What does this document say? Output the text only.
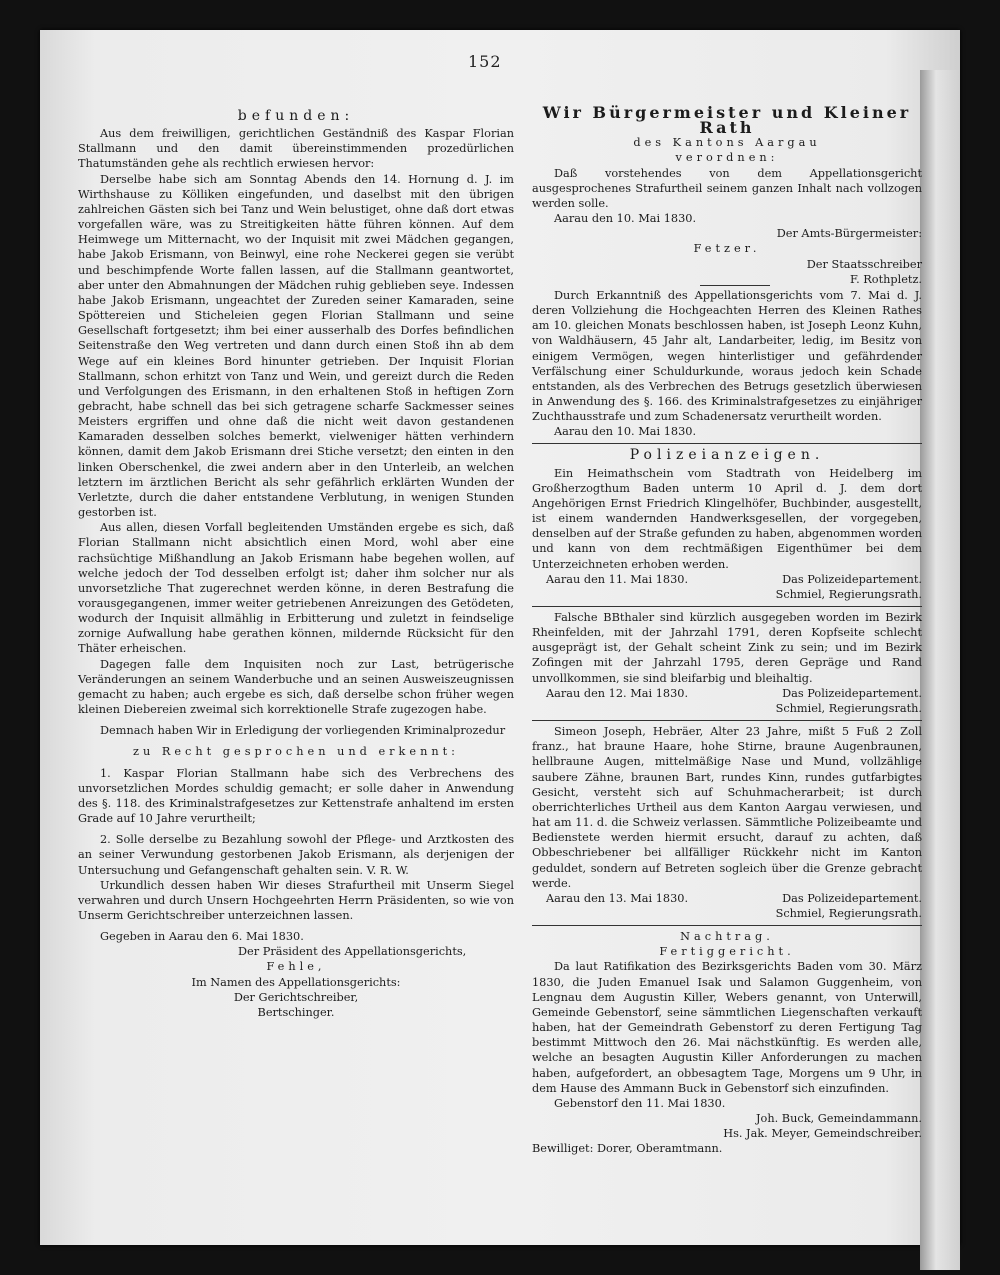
152
befunden:

Aus dem freiwilligen, gerichtlichen Geständniß des Kaspar Florian Stallmann und den damit übereinstimmenden prozedürlichen Thatumständen gehe als rechtlich erwiesen hervor:

Derselbe habe sich am Sonntag Abends den 14. Hornung d. J. im Wirthshause zu Kölliken eingefunden, und daselbst mit den übrigen zahlreichen Gästen sich bei Tanz und Wein belustiget, ohne daß dort etwas vorgefallen wäre, was zu Streitigkeiten hätte führen können. Auf dem Heimwege um Mitternacht, wo der Inquisit mit zwei Mädchen gegangen, habe Jakob Erismann, von Beinwyl, eine rohe Neckerei gegen sie verübt und beschimpfende Worte fallen lassen, auf die Stallmann geantwortet, aber unter den Abmahnungen der Mädchen ruhig geblieben seye. Indessen habe Jakob Erismann, ungeachtet der Zureden seiner Kamaraden, seine Spöttereien und Sticheleien gegen Florian Stallmann und seine Gesellschaft fortgesetzt; ihm bei einer ausserhalb des Dorfes befindlichen Seitenstraße den Weg vertreten und dann durch einen Stoß ihn ab dem Wege auf ein kleines Bord hinunter getrieben. Der Inquisit Florian Stallmann, schon erhitzt von Tanz und Wein, und gereizt durch die Reden und Verfolgungen des Erismann, in den erhaltenen Stoß in heftigen Zorn gebracht, habe schnell das bei sich getragene scharfe Sackmesser seines Meisters ergriffen und ohne daß die nicht weit davon gestandenen Kamaraden desselben solches bemerkt, vielweniger hätten verhindern können, damit dem Jakob Erismann drei Stiche versetzt; den einten in den linken Oberschenkel, die zwei andern aber in den Unterleib, an welchen letztern im ärztlichen Bericht als sehr gefährlich erklärten Wunden der Verletzte, durch die daher entstandene Verblutung, in wenigen Stunden gestorben ist.

Aus allen, diesen Vorfall begleitenden Umständen ergebe es sich, daß Florian Stallmann nicht absichtlich einen Mord, wohl aber eine rachsüchtige Mißhandlung an Jakob Erismann habe begehen wollen, auf welche jedoch der Tod desselben erfolgt ist; daher ihm solcher nur als unvorsetzliche That zugerechnet werden könne, in deren Bestrafung die vorausgegangenen, immer weiter getriebenen Anreizungen des Getödeten, wodurch der Inquisit allmählig in Erbitterung und zuletzt in feindselige zornige Aufwallung habe gerathen können, mildernde Rücksicht für den Thäter erheischen.

Dagegen falle dem Inquisiten noch zur Last, betrügerische Veränderungen an seinem Wanderbuche und an seinen Ausweiszeugnissen gemacht zu haben; auch ergebe es sich, daß derselbe schon früher wegen kleinen Diebereien zweimal sich korrektionelle Strafe zugezogen habe.

Demnach haben Wir in Erledigung der vorliegenden Kriminalprozedur

zu Recht gesprochen und erkennt:

1. Kaspar Florian Stallmann habe sich des Verbrechens des unvorsetzlichen Mordes schuldig gemacht; er solle daher in Anwendung des §. 118. des Kriminalstrafgesetzes zur Kettenstrafe anhaltend im ersten Grade auf 10 Jahre verurtheilt;

2. Solle derselbe zu Bezahlung sowohl der Pflege- und Arztkosten des an seiner Verwundung gestorbenen Jakob Erismann, als derjenigen der Untersuchung und Gefangenschaft gehalten sein. V. R. W.

Urkundlich dessen haben Wir dieses Strafurtheil mit Unserm Siegel verwahren und durch Unsern Hochgeehrten Herrn Präsidenten, so wie von Unserm Gerichtschreiber unterzeichnen lassen.

Gegeben in Aarau den 6. Mai 1830.

Der Präsident des Appellationsgerichts,

Fehle,

Im Namen des Appellationsgerichts:

Der Gerichtschreiber,

Bertschinger.

Wir Bürgermeister und Kleiner Rath

des Kantons Aargau

verordnen:

Daß vorstehendes von dem Appellationsgericht ausgesprochenes Strafurtheil seinem ganzen Inhalt nach vollzogen werden solle.

Aarau den 10. Mai 1830.

Der Amts-Bürgermeister:

Fetzer.

Der Staatsschreiber

F. Rothpletz.

Durch Erkanntniß des Appellationsgerichts vom 7. Mai d. J. deren Vollziehung die Hochgeachten Herren des Kleinen Rathes am 10. gleichen Monats beschlossen haben, ist Joseph Leonz Kuhn, von Waldhäusern, 45 Jahr alt, Landarbeiter, ledig, im Besitz von einigem Vermögen, wegen hinterlistiger und gefährdender Verfälschung einer Schuldurkunde, woraus jedoch kein Schade entstanden, als des Verbrechen des Betrugs gesetzlich überwiesen in Anwendung des §. 166. des Kriminalstrafgesetzes zu einjähriger Zuchthausstrafe und zum Schadenersatz verurtheilt worden.

Aarau den 10. Mai 1830.

Polizeianzeigen.

Ein Heimathschein vom Stadtrath von Heidelberg im Großherzogthum Baden unterm 10 April d. J. dem dort Angehörigen Ernst Friedrich Klingelhöfer, Buchbinder, ausgestellt, ist einem wandernden Handwerksgesellen, der vorgegeben, denselben auf der Straße gefunden zu haben, abgenommen worden und kann von dem rechtmäßigen Eigenthümer bei dem Unterzeichneten erhoben werden.

Aarau den 11. Mai 1830.	Das Polizeidepartement.

Schmiel, Regierungsrath.

Falsche BBthaler sind kürzlich ausgegeben worden im Bezirk Rheinfelden, mit der Jahrzahl 1791, deren Kopfseite schlecht ausgeprägt ist, der Gehalt scheint Zink zu sein; und im Bezirk Zofingen mit der Jahrzahl 1795, deren Gepräge und Rand unvollkommen, sie sind bleifarbig und bleihaltig.

Aarau den 12. Mai 1830.	Das Polizeidepartement.

Schmiel, Regierungsrath.

Simeon Joseph, Hebräer, Alter 23 Jahre, mißt 5 Fuß 2 Zoll franz., hat braune Haare, hohe Stirne, braune Augenbraunen, hellbraune Augen, mittelmäßige Nase und Mund, vollzählige saubere Zähne, braunen Bart, rundes Kinn, rundes gutfarbigtes Gesicht, versteht sich auf Schuhmacherarbeit; ist durch oberrichterliches Urtheil aus dem Kanton Aargau verwiesen, und hat am 11. d. die Schweiz verlassen. Sämmtliche Polizeibeamte und Bedienstete werden hiermit ersucht, darauf zu achten, daß Obbeschriebener bei allfälliger Rückkehr nicht im Kanton geduldet, sondern auf Betreten sogleich über die Grenze gebracht werde.

Aarau den 13. Mai 1830.	Das Polizeidepartement.

Schmiel, Regierungsrath.

Nachtrag.

Fertiggericht.

Da laut Ratifikation des Bezirksgerichts Baden vom 30. März 1830, die Juden Emanuel Isak und Salamon Guggenheim, von Lengnau dem Augustin Killer, Webers genannt, von Unterwill, Gemeinde Gebenstorf, seine sämmtlichen Liegenschaften verkauft haben, hat der Gemeindrath Gebenstorf zu deren Fertigung Tag bestimmt Mittwoch den 26. Mai nächstkünftig. Es werden alle, welche an besagten Augustin Killer Anforderungen zu machen haben, aufgefordert, an obbesagtem Tage, Morgens um 9 Uhr, in dem Hause des Ammann Buck in Gebenstorf sich einzufinden.

Gebenstorf den 11. Mai 1830.

Joh. Buck, Gemeindammann.

Hs. Jak. Meyer, Gemeindschreiber.

Bewilliget: Dorer, Oberamtmann.
